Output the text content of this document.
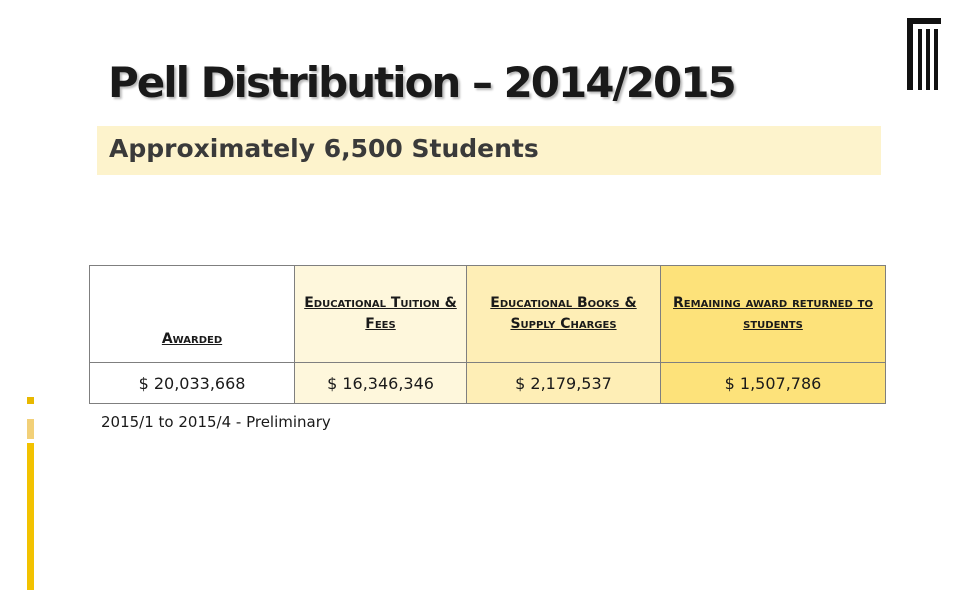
Pell Distribution – 2014/2015
Approximately 6,500 Students
Awarded	Educational Tuition & Fees	Educational Books & Supply Charges	Remaining award returned to students
$ 20,033,668	$ 16,346,346	$ 2,179,537	$ 1,507,786
2015/1 to 2015/4 - Preliminary
